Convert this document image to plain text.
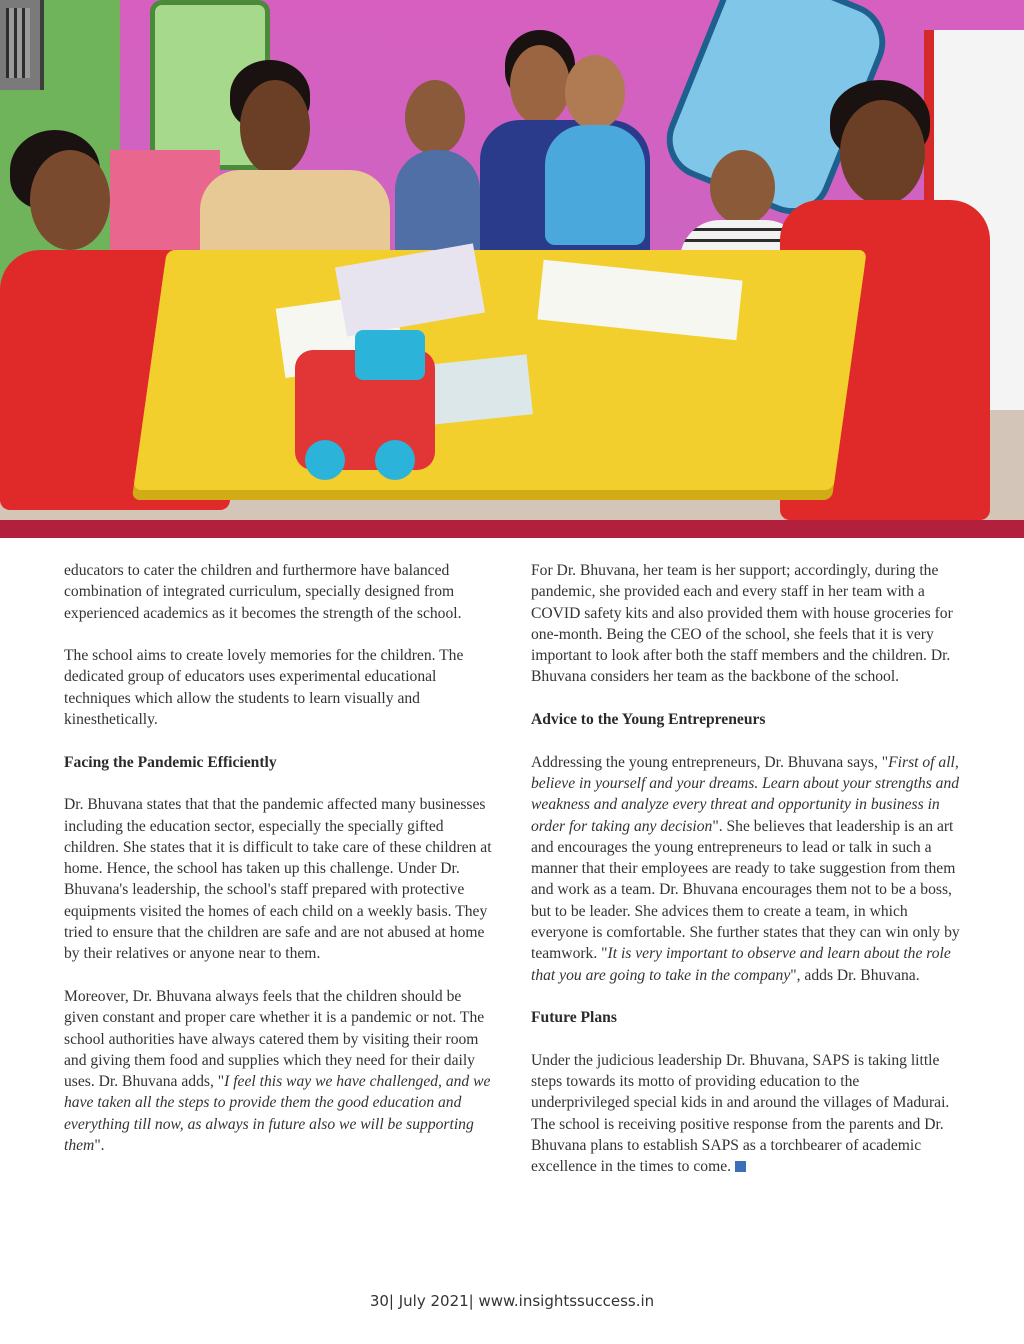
educators to cater the children and furthermore have balanced combination of integrated curriculum, specially designed from experienced academics as it becomes the strength of the school.

The school aims to create lovely memories for the children. The dedicated group of educators uses experimental educational techniques which allow the students to learn visually and kinesthetically.

Facing the Pandemic Efficiently

Dr. Bhuvana states that that the pandemic affected many businesses including the education sector, especially the specially gifted children. She states that it is difficult to take care of these children at home. Hence, the school has taken up this challenge. Under Dr. Bhuvana's leadership, the school's staff prepared with protective equipments visited the homes of each child on a weekly basis. They tried to ensure that the children are safe and are not abused at home by their relatives or anyone near to them.

Moreover, Dr. Bhuvana always feels that the children should be given constant and proper care whether it is a pandemic or not. The school authorities have always catered them by visiting their room and giving them food and supplies which they need for their daily uses. Dr. Bhuvana adds, "I feel this way we have challenged, and we have taken all the steps to provide them the good education and everything till now, as always in future also we will be supporting them".

For Dr. Bhuvana, her team is her support; accordingly, during the pandemic, she provided each and every staff in her team with a COVID safety kits and also provided them with house groceries for one-month. Being the CEO of the school, she feels that it is very important to look after both the staff members and the children. Dr. Bhuvana considers her team as the backbone of the school.

Advice to the Young Entrepreneurs

Addressing the young entrepreneurs, Dr. Bhuvana says, "First of all, believe in yourself and your dreams. Learn about your strengths and weakness and analyze every threat and opportunity in business in order for taking any decision". She believes that leadership is an art and encourages the young entrepreneurs to lead or talk in such a manner that their employees are ready to take suggestion from them and work as a team. Dr. Bhuvana encourages them not to be a boss, but to be leader. She advices them to create a team, in which everyone is comfortable. She further states that they can win only by teamwork. "It is very important to observe and learn about the role that you are going to take in the company", adds Dr. Bhuvana.

Future Plans

Under the judicious leadership Dr. Bhuvana, SAPS is taking little steps towards its motto of providing education to the underprivileged special kids in and around the villages of Madurai. The school is receiving positive response from the parents and Dr. Bhuvana plans to establish SAPS as a torchbearer of academic excellence in the times to come.

30| July 2021| www.insightssuccess.in
